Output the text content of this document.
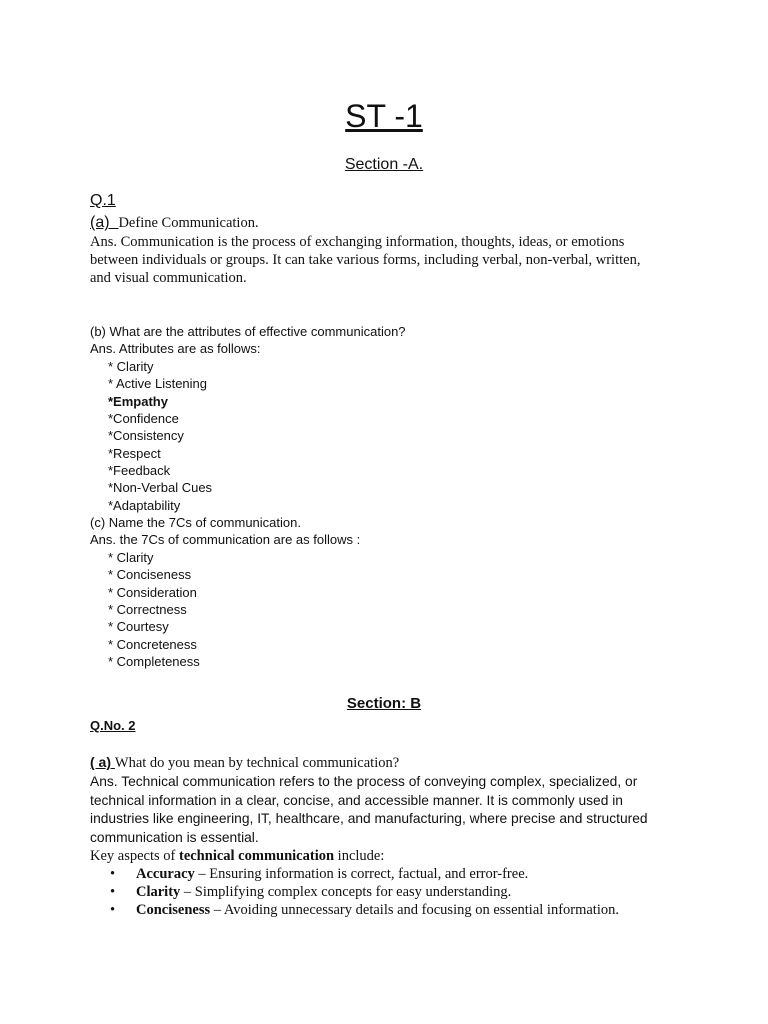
ST -1
Section -A.
Q.1
(a) Define Communication.
Ans. Communication is the process of exchanging information, thoughts, ideas, or emotions
between individuals or groups. It can take various forms, including verbal, non-verbal, written,
and visual communication.
(b) What are the attributes of effective communication?
Ans. Attributes are as follows:
* Clarity
* Active Listening
*Empathy
*Confidence
*Consistency
*Respect
*Feedback
*Non-Verbal Cues
*Adaptability
(c) Name the 7Cs of communication.
Ans. the 7Cs of communication are as follows :
* Clarity
* Conciseness
* Consideration
* Correctness
* Courtesy
* Concreteness
* Completeness
Section: B
Q.No. 2
( a) What do you mean by technical communication?
Ans. Technical communication refers to the process of conveying complex, specialized, or
technical information in a clear, concise, and accessible manner. It is commonly used in
industries like engineering, IT, healthcare, and manufacturing, where precise and structured
communication is essential.
Key aspects of technical communication include:
• Accuracy – Ensuring information is correct, factual, and error-free.
• Clarity – Simplifying complex concepts for easy understanding.
• Conciseness – Avoiding unnecessary details and focusing on essential information.
